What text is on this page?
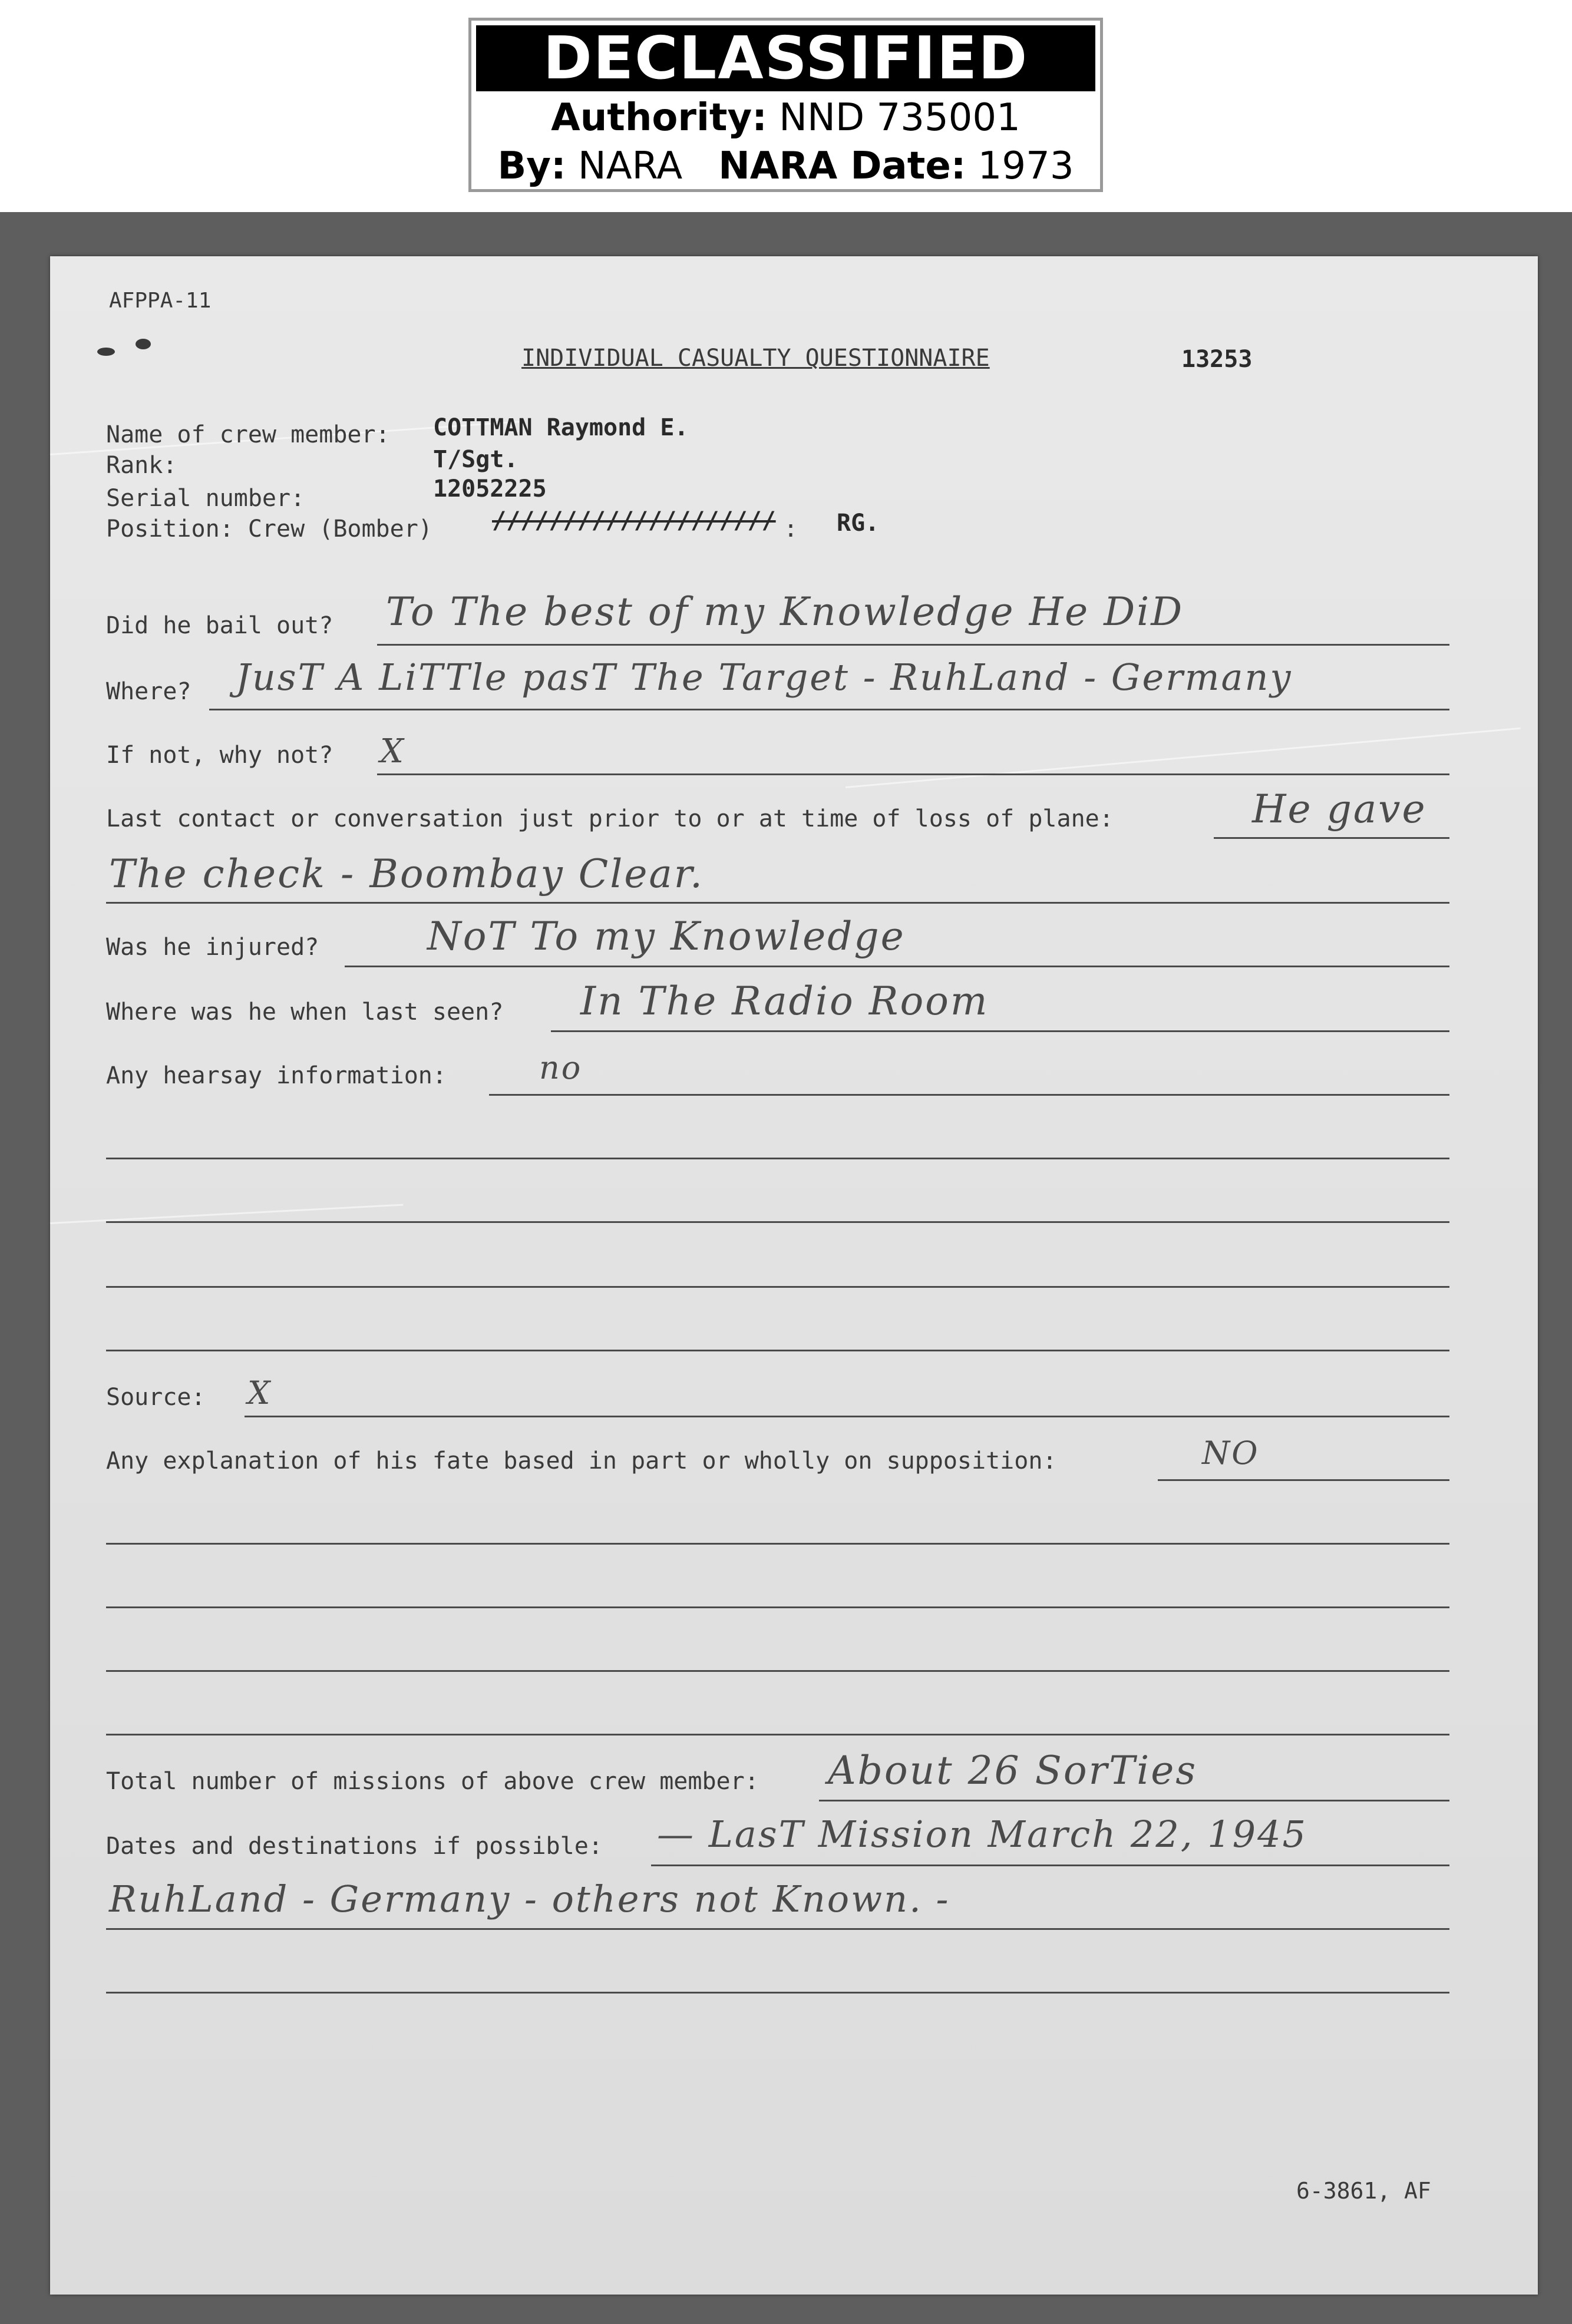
DECLASSIFIED
Authority: NND 735001
By: NARA NARA Date: 1973
AFPPA-11
INDIVIDUAL CASUALTY QUESTIONNAIRE	13253
Name of crew member: COTTMAN Raymond E.
Rank:	T/Sgt.
Serial number:	12052225
Position: Crew (Bomber)	//////////////////// : RG.
Did he bail out? To The best of my Knowledge He DiD
Where? JusT A LiTTle pasT The Target - RuhLand - Germany
If not, why not? X
Last contact or conversation just prior to or at time of loss of plane:	He gave
The check - Boombay Clear.
Was he injured?	NoT To my Knowledge
Where was he when last seen? In The Radio Room
Any hearsay information:	no
Source: X
Any explanation of his fate based in part or wholly on supposition:	NO
Total number of missions of above crew member: About 26 SorTies
Dates and destinations if possible: — LasT Mission March 22, 1945
RuhLand - Germany - others not Known. -
6-3861, AF
